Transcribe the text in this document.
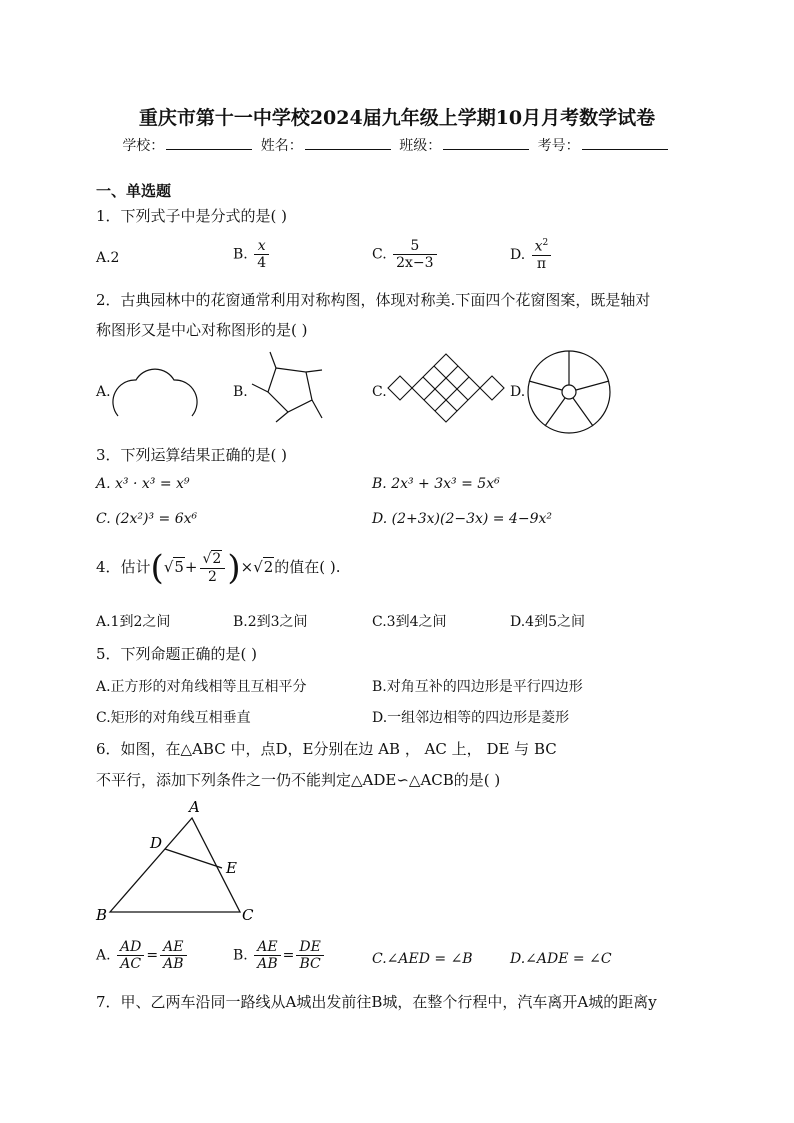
重庆市第十一中学校2024届九年级上学期10月月考数学试卷
学校：	姓名：	班级：	考号：
一、单选题
1．下列式子中是分式的是( )
A.2	B. $\frac{x}{4}$	C. $\frac{5}{2x-3}$	D. $\frac{x^2}{\pi}$
2．古典园林中的花窗通常利用对称构图，体现对称美.下面四个花窗图案，既是轴对
称图形又是中心对称图形的是( )
A.	B.	C.	D.
3．下列运算结果正确的是( )
A. x³ · x³ = x⁹	B. 2x³ + 3x³ = 5x⁶
C. (2x²)³ = 6x⁶	D. (2+3x)(2−3x) = 4−9x²
4．估计$(√5+ \frac{√2}{2} )\times√2$的值在( ).
A.1到2之间	B.2到3之间	C.3到4之间	D.4到5之间
5．下列命题正确的是( )
A.正方形的对角线相等且互相平分	B.对角互补的四边形是平行四边形
C.矩形的对角线互相垂直	D.一组邻边相等的四边形是菱形
6．如图，在△ABC 中，点D，E分别在边 AB ， AC 上， DE 与 BC
不平行，添加下列条件之一仍不能判定△ADE∽△ACB的是( )
A
B	C
D
E
A. $\frac{AD}{AC} = \frac{AE}{AB}$	B. $\frac{AE}{AB} = \frac{DE}{BC}$	C.∠AED = ∠B	D.∠ADE = ∠C
7．甲、乙两车沿同一路线从A城出发前往B城，在整个行程中，汽车离开A城的距离y
